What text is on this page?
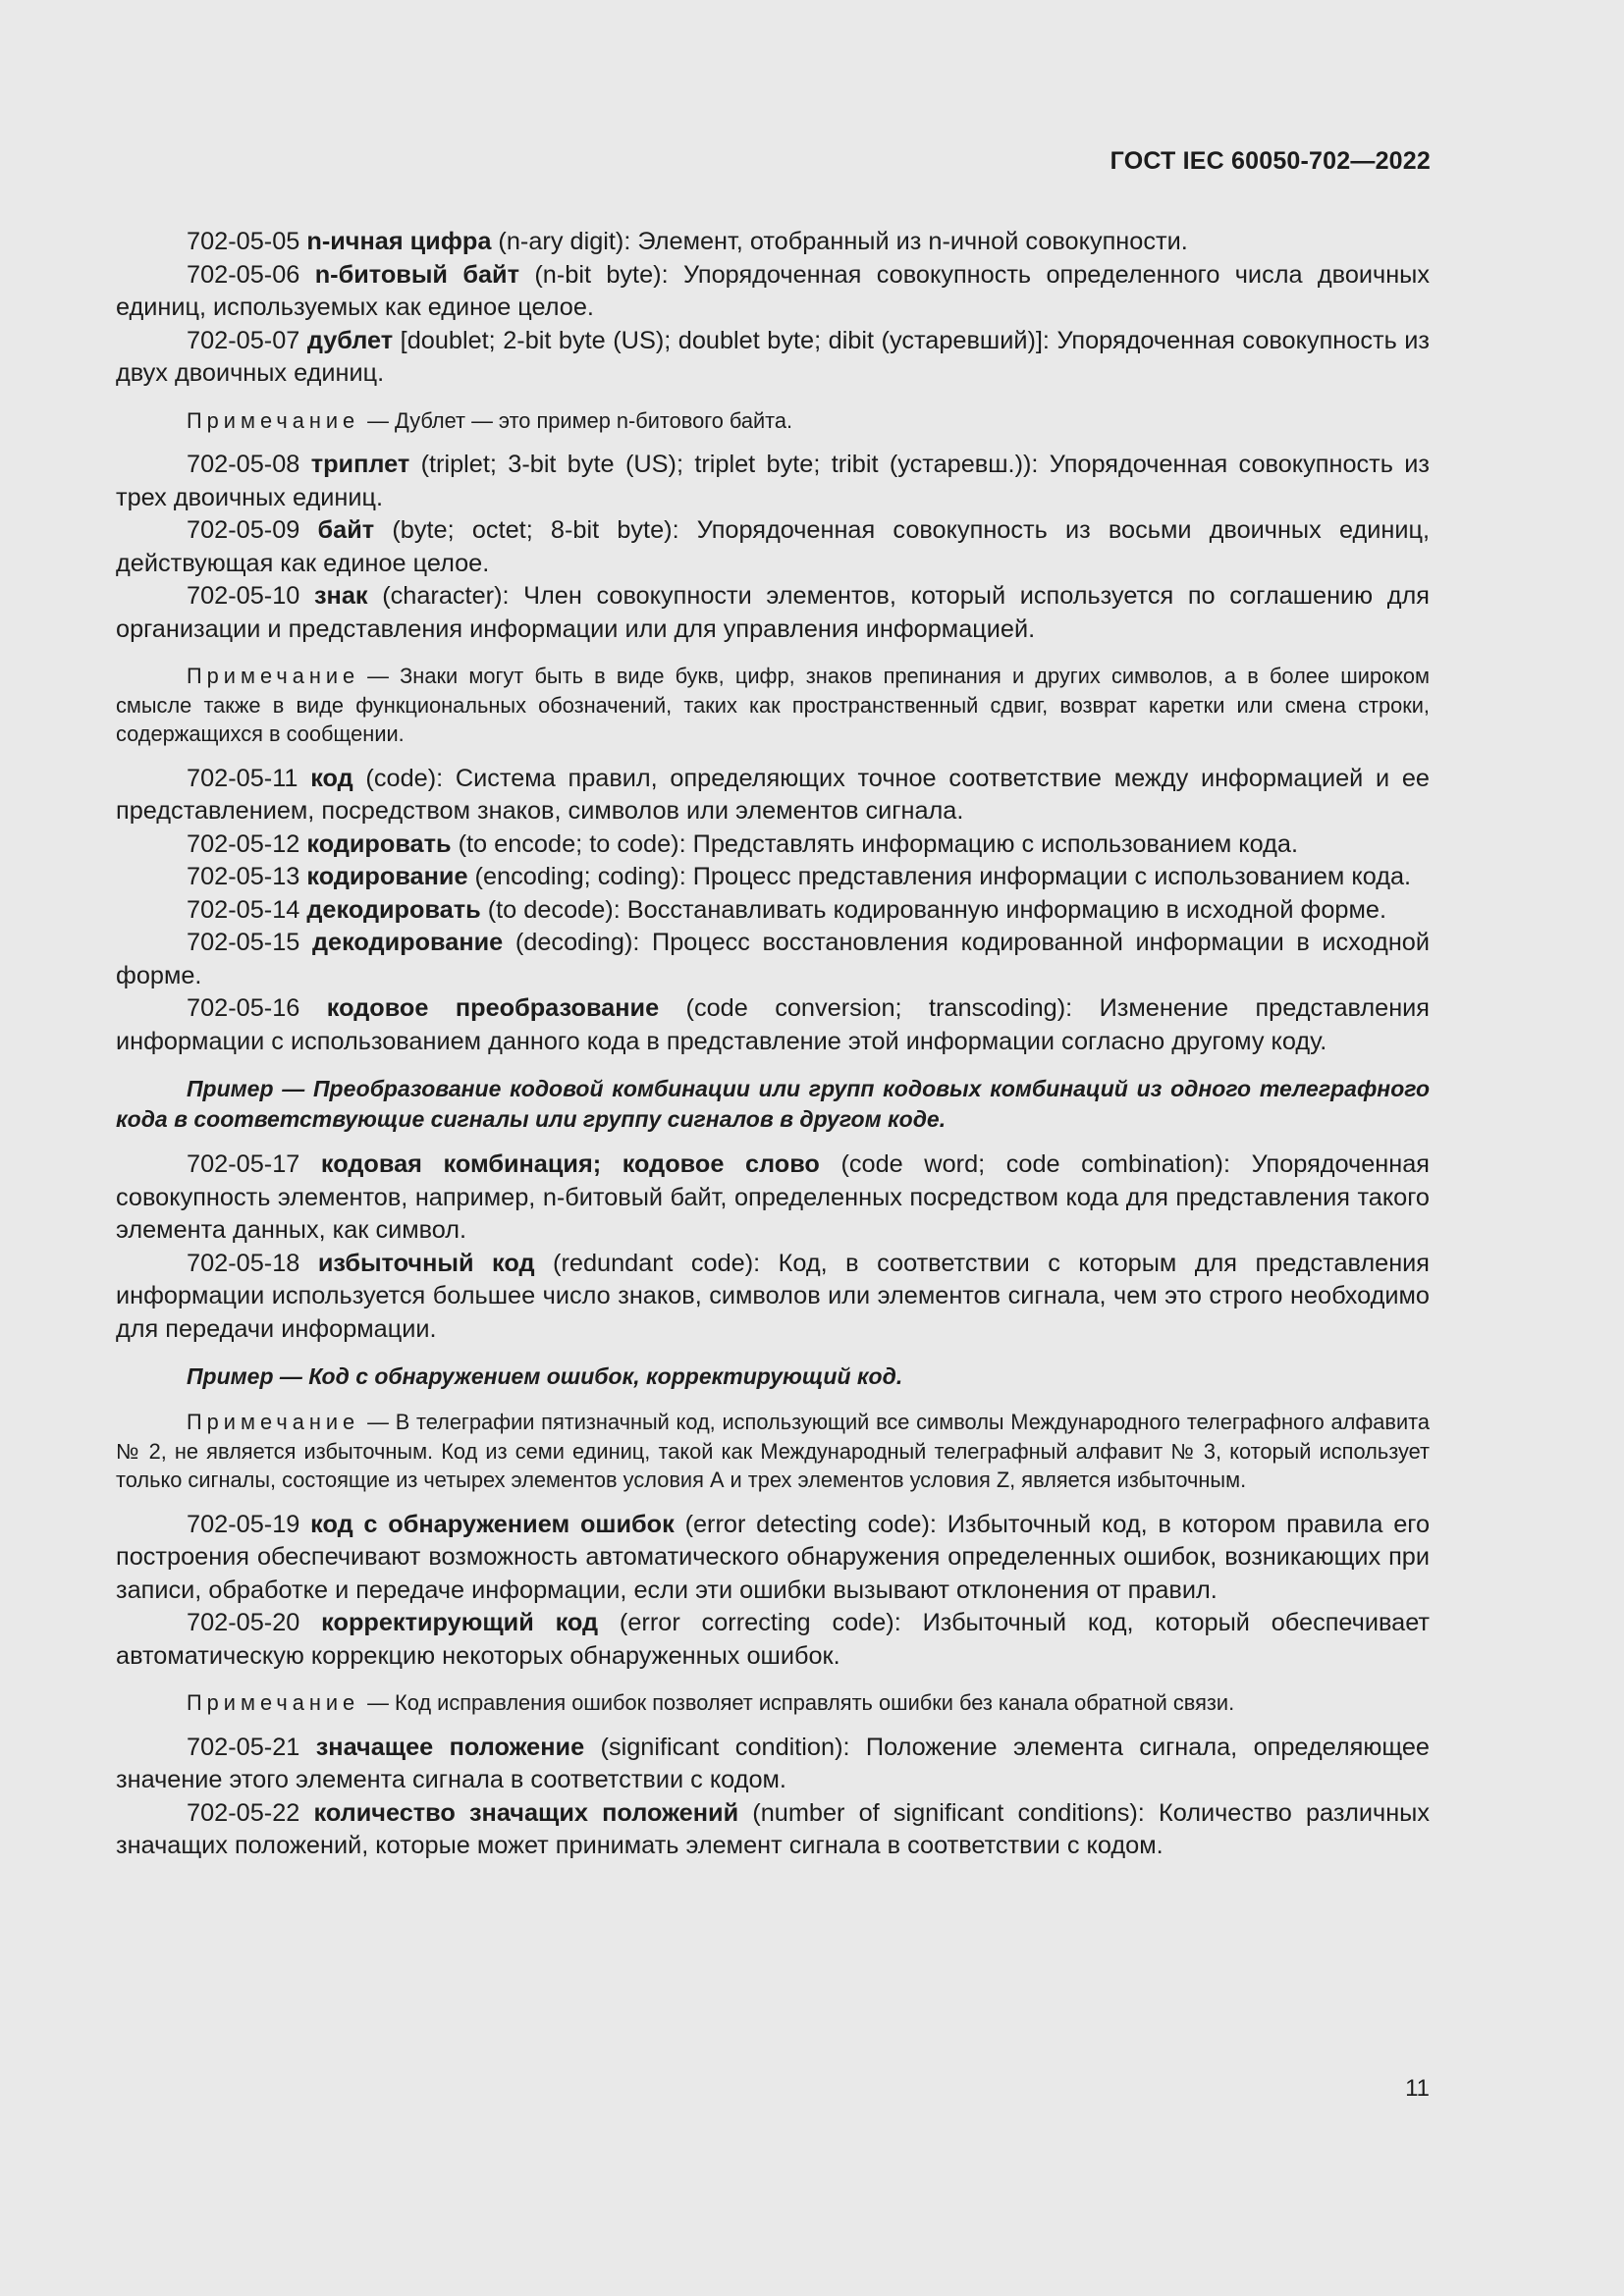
ГОСТ IEC 60050-702—2022

702-05-05 n-ичная цифра (n-ary digit): Элемент, отобранный из n-ичной совокупности.

702-05-06 n-битовый байт (n-bit byte): Упорядоченная совокупность определенного числа двоичных единиц, используемых как единое целое.

702-05-07 дублет [doublet; 2-bit byte (US); doublet byte; dibit (устаревший)]: Упорядоченная совокупность из двух двоичных единиц.

Примечание — Дублет — это пример n-битового байта.

702-05-08 триплет (triplet; 3-bit byte (US); triplet byte; tribit (устаревш.)): Упорядоченная совокупность из трех двоичных единиц.

702-05-09 байт (byte; octet; 8-bit byte): Упорядоченная совокупность из восьми двоичных единиц, действующая как единое целое.

702-05-10 знак (character): Член совокупности элементов, который используется по соглашению для организации и представления информации или для управления информацией.

Примечание — Знаки могут быть в виде букв, цифр, знаков препинания и других символов, а в более широком смысле также в виде функциональных обозначений, таких как пространственный сдвиг, возврат каретки или смена строки, содержащихся в сообщении.

702-05-11 код (code): Система правил, определяющих точное соответствие между информацией и ее представлением, посредством знаков, символов или элементов сигнала.

702-05-12 кодировать (to encode; to code): Представлять информацию с использованием кода.

702-05-13 кодирование (encoding; coding): Процесс представления информации с использованием кода.

702-05-14 декодировать (to decode): Восстанавливать кодированную информацию в исходной форме.

702-05-15 декодирование (decoding): Процесс восстановления кодированной информации в исходной форме.

702-05-16 кодовое преобразование (code conversion; transcoding): Изменение представления информации с использованием данного кода в представление этой информации согласно другому коду.

Пример — Преобразование кодовой комбинации или групп кодовых комбинаций из одного телеграфного кода в соответствующие сигналы или группу сигналов в другом коде.

702-05-17 кодовая комбинация; кодовое слово (code word; code combination): Упорядоченная совокупность элементов, например, n-битовый байт, определенных посредством кода для представления такого элемента данных, как символ.

702-05-18 избыточный код (redundant code): Код, в соответствии с которым для представления информации используется большее число знаков, символов или элементов сигнала, чем это строго необходимо для передачи информации.

Пример — Код с обнаружением ошибок, корректирующий код.

Примечание — В телеграфии пятизначный код, использующий все символы Международного телеграфного алфавита № 2, не является избыточным. Код из семи единиц, такой как Международный телеграфный алфавит № 3, который использует только сигналы, состоящие из четырех элементов условия А и трех элементов условия Z, является избыточным.

702-05-19 код с обнаружением ошибок (error detecting code): Избыточный код, в котором правила его построения обеспечивают возможность автоматического обнаружения определенных ошибок, возникающих при записи, обработке и передаче информации, если эти ошибки вызывают отклонения от правил.

702-05-20 корректирующий код (error correcting code): Избыточный код, который обеспечивает автоматическую коррекцию некоторых обнаруженных ошибок.

Примечание — Код исправления ошибок позволяет исправлять ошибки без канала обратной связи.

702-05-21 значащее положение (significant condition): Положение элемента сигнала, определяющее значение этого элемента сигнала в соответствии с кодом.

702-05-22 количество значащих положений (number of significant conditions): Количество различных значащих положений, которые может принимать элемент сигнала в соответствии с кодом.

11
